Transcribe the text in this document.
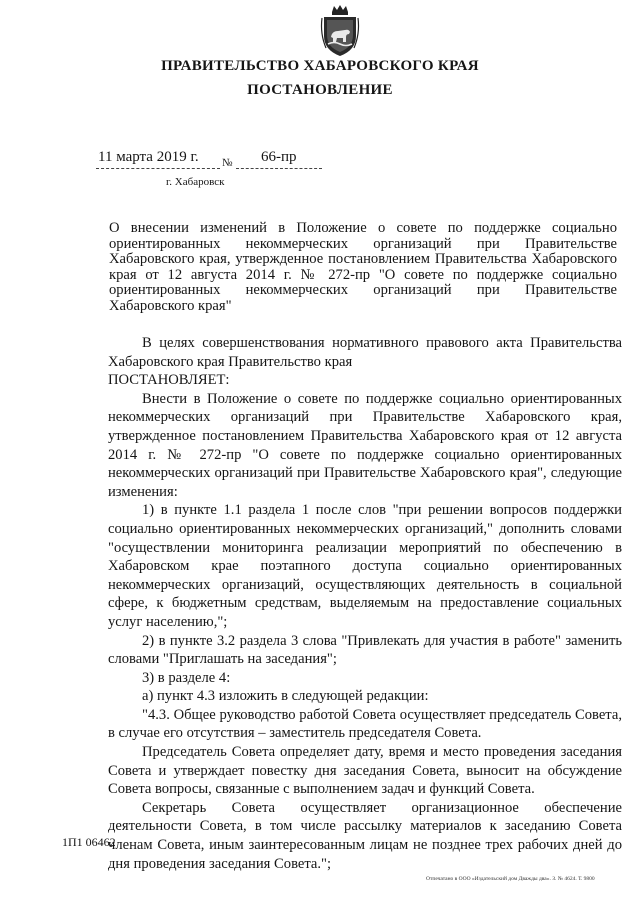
ПРАВИТЕЛЬСТВО ХАБАРОВСКОГО КРАЯ
ПОСТАНОВЛЕНИЕ
11 марта 2019 г. № 66-пр
г. Хабаровск
О внесении изменений в Положение о совете по поддержке социально ориентированных некоммерческих организаций при Правительстве Хабаровского края, утвержденное постановлением Правительства Хабаровского края от 12 августа 2014 г. № 272-пр "О совете по поддержке социально ориентированных некоммерческих организаций при Правительстве Хабаровского края"

В целях совершенствования нормативного правового акта Правительства Хабаровского края Правительство края

ПОСТАНОВЛЯЕТ:

Внести в Положение о совете по поддержке социально ориентированных некоммерческих организаций при Правительстве Хабаровского края, утвержденное постановлением Правительства Хабаровского края от 12 августа 2014 г. № 272-пр "О совете по поддержке социально ориентированных некоммерческих организаций при Правительстве Хабаровского края", следующие изменения:

1) в пункте 1.1 раздела 1 после слов "при решении вопросов поддержки социально ориентированных некоммерческих организаций," дополнить словами "осуществлении мониторинга реализации мероприятий по обеспечению в Хабаровском крае поэтапного доступа социально ориентированных некоммерческих организаций, осуществляющих деятельность в социальной сфере, к бюджетным средствам, выделяемым на предоставление социальных услуг населению,";

2) в пункте 3.2 раздела 3 слова "Привлекать для участия в работе" заменить словами "Приглашать на заседания";

3) в разделе 4:

а) пункт 4.3 изложить в следующей редакции:

"4.3. Общее руководство работой Совета осуществляет председатель Совета, в случае его отсутствия – заместитель председателя Совета.

Председатель Совета определяет дату, время и место проведения заседания Совета и утверждает повестку дня заседания Совета, выносит на обсуждение Совета вопросы, связанные с выполнением задач и функций Совета.

Секретарь Совета осуществляет организационное обеспечение деятельности Совета, в том числе рассылку материалов к заседанию Совета членам Совета, иным заинтересованным лицам не позднее трех рабочих дней до дня проведения заседания Совета.";

1П1 06462
Отпечатано в ООО «Издательский дом Дважды два». З. № 4624. Т. 9800
